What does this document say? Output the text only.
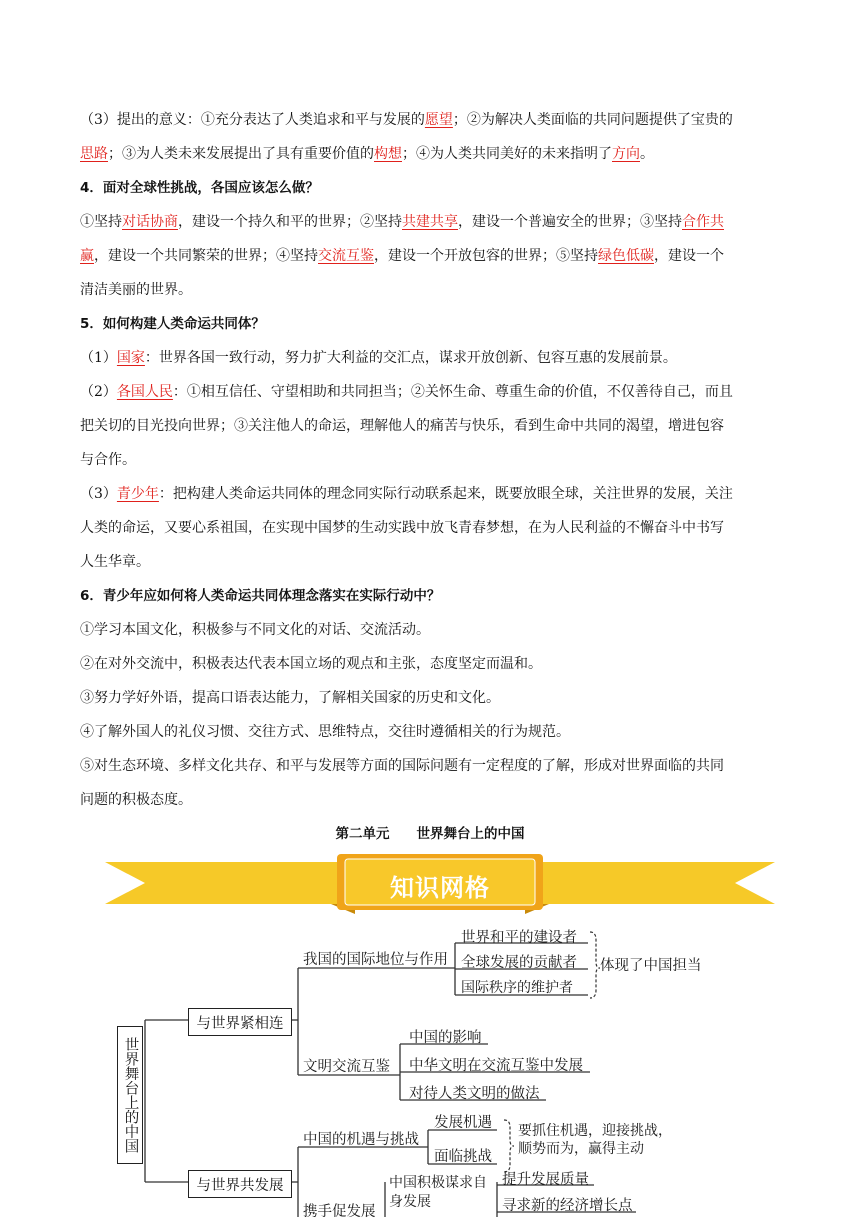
（3）提出的意义：①充分表达了人类追求和平与发展的愿望；②为解决人类面临的共同问题提供了宝贵的
思路；③为人类未来发展提出了具有重要价值的构想；④为人类共同美好的未来指明了方向。
4．面对全球性挑战，各国应该怎么做？
①坚持对话协商，建设一个持久和平的世界；②坚持共建共享，建设一个普遍安全的世界；③坚持合作共
赢，建设一个共同繁荣的世界；④坚持交流互鉴，建设一个开放包容的世界；⑤坚持绿色低碳，建设一个
清洁美丽的世界。
5．如何构建人类命运共同体？
（1）国家：世界各国一致行动，努力扩大利益的交汇点，谋求开放创新、包容互惠的发展前景。
（2）各国人民：①相互信任、守望相助和共同担当；②关怀生命、尊重生命的价值，不仅善待自己，而且
把关切的目光投向世界；③关注他人的命运，理解他人的痛苦与快乐，看到生命中共同的渴望，增进包容
与合作。
（3）青少年：把构建人类命运共同体的理念同实际行动联系起来，既要放眼全球，关注世界的发展，关注
人类的命运，又要心系祖国，在实现中国梦的生动实践中放飞青春梦想，在为人民利益的不懈奋斗中书写
人生华章。
6．青少年应如何将人类命运共同体理念落实在实际行动中？
①学习本国文化，积极参与不同文化的对话、交流活动。
②在对外交流中，积极表达代表本国立场的观点和主张，态度坚定而温和。
③努力学好外语，提高口语表达能力，了解相关国家的历史和文化。
④了解外国人的礼仪习惯、交往方式、思维特点，交往时遵循相关的行为规范。
⑤对生态环境、多样文化共存、和平与发展等方面的国际问题有一定程度的了解，形成对世界面临的共同
问题的积极态度。
第二单元　　世界舞台上的中国
知识网格
世界舞台上的中国
与世界紧相连
与世界共发展
我国的国际地位与作用
世界和平的建设者
全球发展的贡献者
国际秩序的维护者
体现了中国担当
文明交流互鉴
中国的影响
中华文明在交流互鉴中发展
对待人类文明的做法
中国的机遇与挑战
发展机遇
面临挑战
要抓住机遇，迎接挑战，
顺势而为，赢得主动
携手促发展
中国积极谋求自
身发展
提升发展质量
寻求新的经济增长点
